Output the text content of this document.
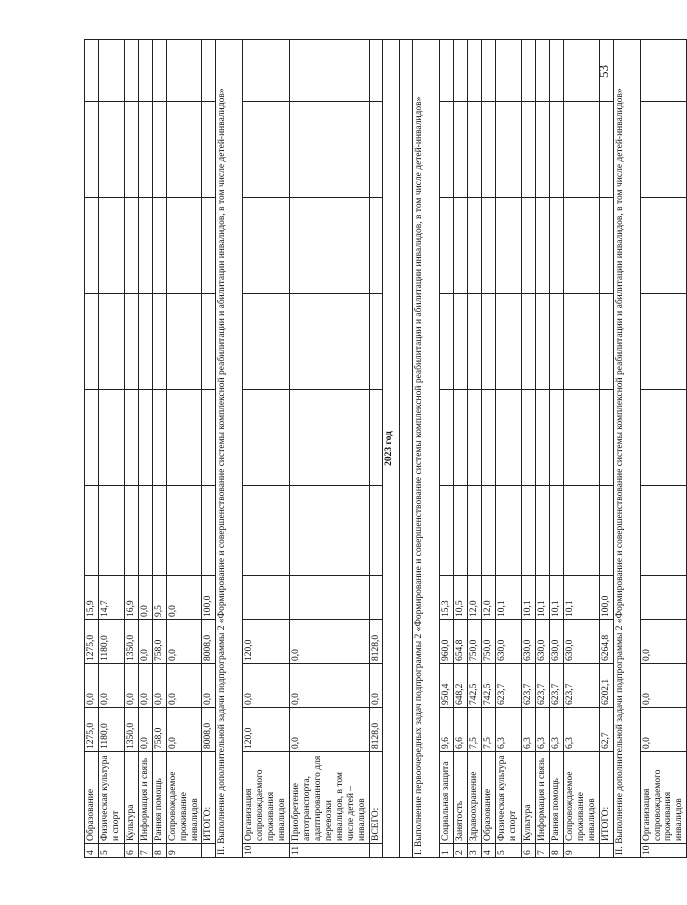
53
4	Образование	1275,0	0,0	1275,0	15,9						
5	Физическая культура и спорт	1180,0	0,0	1180,0	14,7						
6	Культура	1350,0	0,0	1350,0	16,9						
7	Информация и связь	0,0	0,0	0,0	0,0						
8	Ранняя помощь	758,0	0,0	758,0	9,5						
9	Сопровождаемое проживание инвалидов	0,0	0,0	0,0	0,0						
	ИТОГО:	8008,0	0,0	8008,0	100,0						
II. Выполнение дополнительной задачи подпрограммы 2 «Формирование и совершенствование системы комплексной реабилитации и абилитации инвалидов, в том числе детей-инвалидов»											
10	Организация сопровождаемого проживания инвалидов	120,0	0,0	120,0							
11	Приобретение автотранспорта, адаптированного для перевозки инвалидов, в том числе детей – инвалидов	0,0	0,0	0,0							
	ВСЕГО:	8128,0	0,0	8128,0							
2023 год											

I. Выполнение первоочередных задач подпрограммы 2 «Формирование и совершенствование системы комплексной реабилитации и абилитации инвалидов, в том числе детей-инвалидов»											
1	Социальная защита	9,6	950,4	960,0	15,3						
2	Занятость	6,6	648,2	654,8	10,5						
3	Здравоохранение	7,5	742,5	750,0	12,0						
4	Образование	7,5	742,5	750,0	12,0						
5	Физическая культура и спорт	6,3	623,7	630,0	10,1						
6	Культура	6,3	623,7	630,0	10,1						
7	Информация и связь	6,3	623,7	630,0	10,1						
8	Ранняя помощь	6,3	623,7	630,0	10,1						
9	Сопровождаемое проживание инвалидов	6,3	623,7	630,0	10,1						
	ИТОГО:	62,7	6202,1	6264,8	100,0						
II. Выполнение дополнительной задачи подпрограммы 2 «Формирование и совершенствование системы комплексной реабилитации и абилитации инвалидов, в том числе детей-инвалидов»											
10	Организация сопровождаемого проживания инвалидов	0,0	0,0	0,0							
